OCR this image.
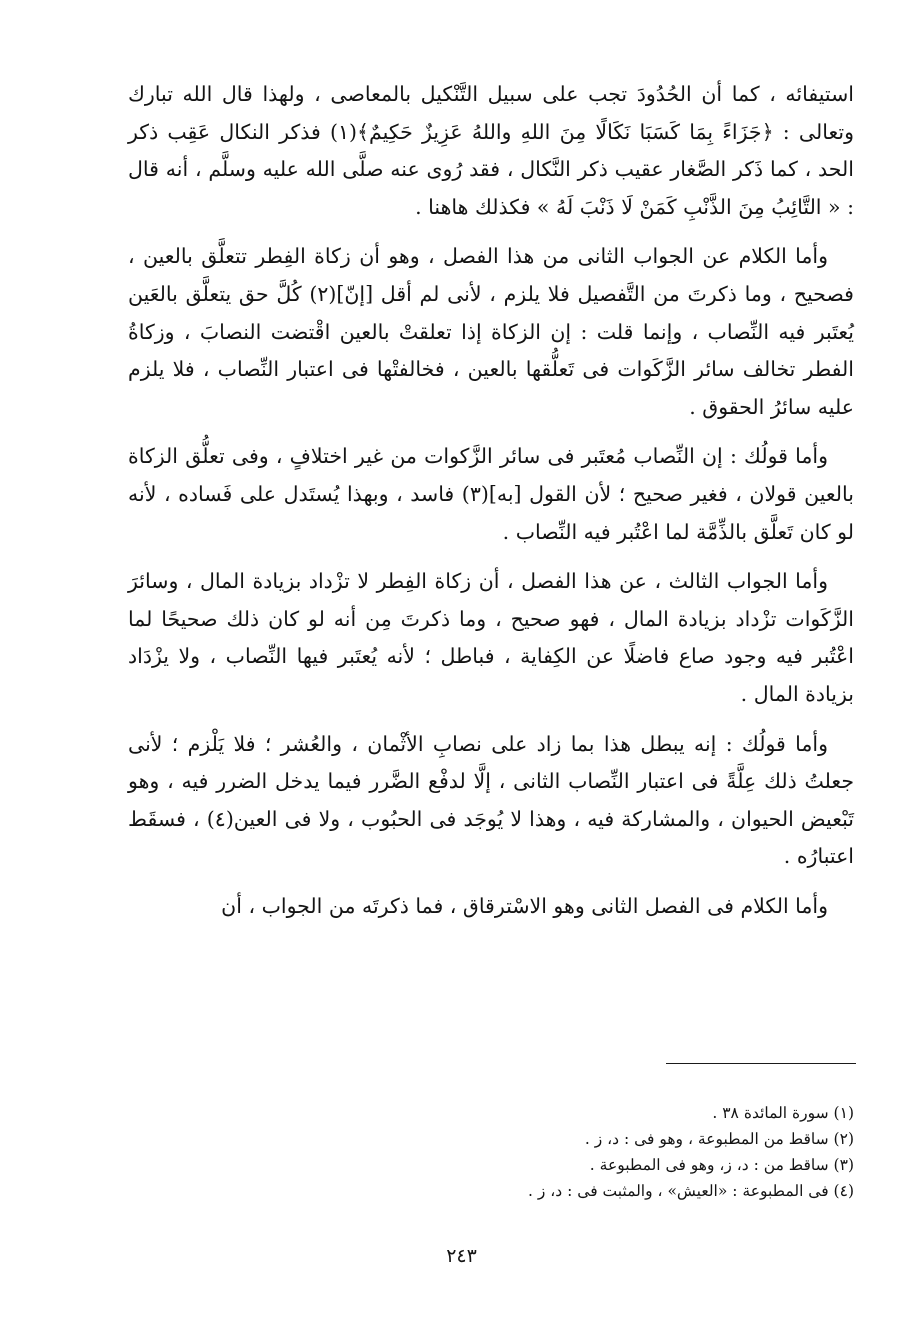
استيفائه ، كما أن الحُدُودَ تجب على سبيل التَّنْكيل بالمعاصى ، ولهذا قال الله تبارك وتعالى : ﴿جَزَاءً بِمَا كَسَبَا نَكَالًا مِنَ اللهِ واللهُ عَزِيزٌ حَكِيمٌ﴾(١) فذكر النكال عَقِب ذكر الحد ، كما ذَكر الصَّغار عقيب ذكر النَّكال ، فقد رُوى عنه صلَّى الله عليه وسلَّم ، أنه قال : « التَّائِبُ مِنَ الذَّنْبِ كَمَنْ لَا ذَنْبَ لَهُ » فكذلك هاهنا .

وأما الكلام عن الجواب الثانى من هذا الفصل ، وهو أن زكاة الفِطر تتعلَّق بالعين ، فصحيح ، وما ذكرتَ من التَّفصيل فلا يلزم ، لأنى لم أقل [إنّ](٢) كُلَّ حق يتعلَّق بالعَين يُعتَبر فيه النِّصاب ، وإنما قلت : إن الزكاة إذا تعلقتْ بالعين اقْتضت النصابَ ، وزكاةُ الفطر تخالف سائر الزَّكَوات فى تَعلُّقها بالعين ، فخالفتْها فى اعتبار النِّصاب ، فلا يلزم عليه سائرُ الحقوق .

وأما قولُك : إن النِّصاب مُعتَبر فى سائر الزَّكوات من غير اختلافٍ ، وفى تعلُّق الزكاة بالعين قولان ، فغير صحيح ؛ لأن القول [به](٣) فاسد ، وبهذا يُستَدل على فَساده ، لأنه لو كان تَعلَّق بالذِّمَّة لما اعْتُبر فيه النِّصاب .

وأما الجواب الثالث ، عن هذا الفصل ، أن زكاة الفِطر لا تزْداد بزيادة المال ، وسائرَ الزَّكَوات تزْداد بزيادة المال ، فهو صحيح ، وما ذكرتَ مِن أنه لو كان ذلك صحيحًا لما اعْتُبر فيه وجود صاع فاضلًا عن الكِفاية ، فباطل ؛ لأنه يُعتَبر فيها النِّصاب ، ولا يزْدَاد بزيادة المال .

وأما قولُك : إنه يبطل هذا بما زاد على نصابِ الأثْمان ، والعُشر ؛ فلا يَلْزم ؛ لأنى جعلتُ ذلك عِلَّةً فى اعتبار النِّصاب الثانى ، إلَّا لدفْع الضَّرر فيما يدخل الضرر فيه ، وهو تَبْعيض الحيوان ، والمشاركة فيه ، وهذا لا يُوجَد فى الحبُوب ، ولا فى العين(٤) ، فسقَط اعتبارُه .

وأما الكلام فى الفصل الثانى وهو الاسْترقاق ، فما ذكرتَه من الجواب ، أن

(١) سورة المائدة ٣٨ .
(٢) ساقط من المطبوعة ، وهو فى : د، ز .
(٣) ساقط من : د، ز، وهو فى المطبوعة .
(٤) فى المطبوعة : «العيش» ، والمثبت فى : د، ز .
٢٤٣
